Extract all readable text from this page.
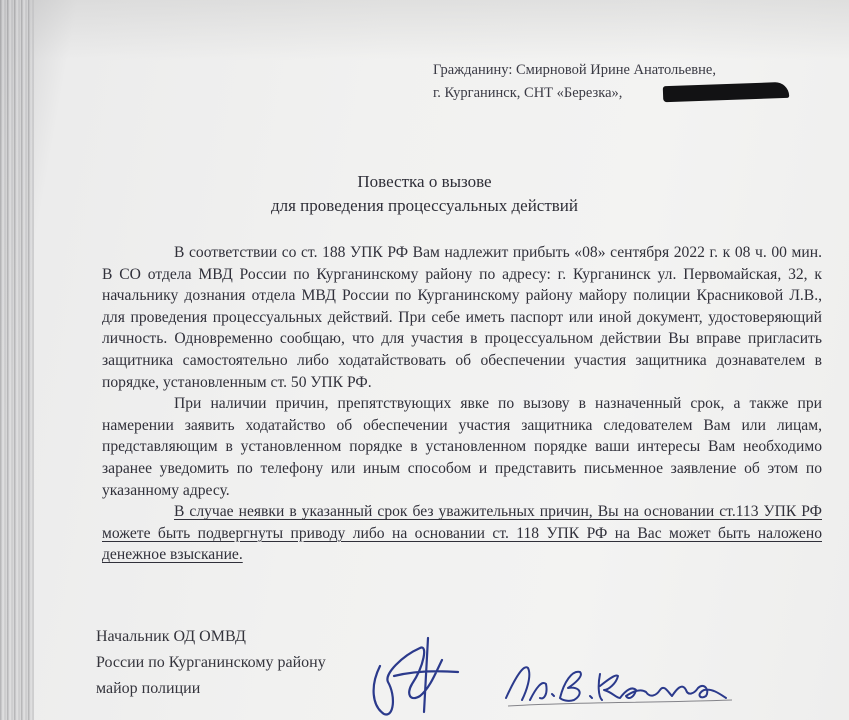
Гражданину: Смирновой Ирине Анатольевне,
г. Курганинск, СНТ «Березка»,
Повестка о вызове
для проведения процессуальных действий

В соответствии со ст. 188 УПК РФ Вам надлежит прибыть «08» сентября 2022 г. к 08 ч. 00 мин. В СО отдела МВД России по Курганинскому району по адресу: г. Курганинск ул. Первомайская, 32, к начальнику дознания отдела МВД России по Курганинскому району майору полиции Красниковой Л.В., для проведения процессуальных действий. При себе иметь паспорт или иной документ, удостоверяющий личность. Одновременно сообщаю, что для участия в процессуальном действии Вы вправе пригласить защитника самостоятельно либо ходатайствовать об обеспечении участия защитника дознавателем в порядке, установленным ст. 50 УПК РФ.

При наличии причин, препятствующих явке по вызову в назначенный срок, а также при намерении заявить ходатайство об обеспечении участия защитника следователем Вам или лицам, представляющим в установленном порядке в установленном порядке ваши интересы Вам необходимо заранее уведомить по телефону или иным способом и представить письменное заявление об этом по указанному адресу.

В случае неявки в указанный срок без уважительных причин, Вы на основании ст.113 УПК РФ можете быть подвергнуты приводу либо на основании ст. 118 УПК РФ на Вас может быть наложено денежное взыскание.

Начальник ОД ОМВД
России по Курганинскому району
майор полиции
